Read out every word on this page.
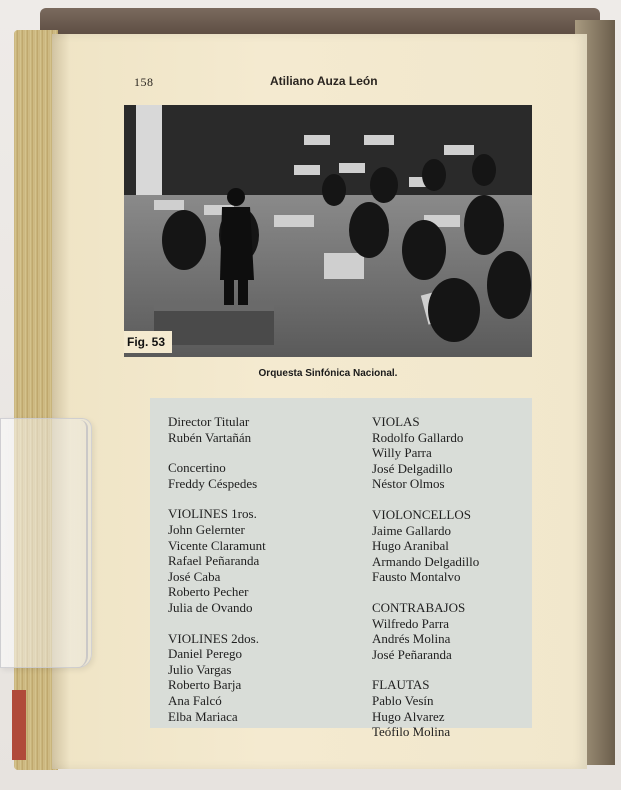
158	Atiliano Auza León
Fig. 53
Orquesta Sinfónica Nacional.
Director Titular
Rubén Vartañán
Concertino
Freddy Céspedes
VIOLINES 1ros.
John Gelernter
Vicente Claramunt
Rafael Peñaranda
José Caba
Roberto Pecher
Julia de Ovando
VIOLINES 2dos.
Daniel Perego
Julio Vargas
Roberto Barja
Ana Falcó
Elba Mariaca
VIOLAS
Rodolfo Gallardo
Willy Parra
José Delgadillo
Néstor Olmos
VIOLONCELLOS
Jaime Gallardo
Hugo Aranibal
Armando Delgadillo
Fausto Montalvo
CONTRABAJOS
Wilfredo Parra
Andrés Molina
José Peñaranda
FLAUTAS
Pablo Vesín
Hugo Alvarez
Teófilo Molina
